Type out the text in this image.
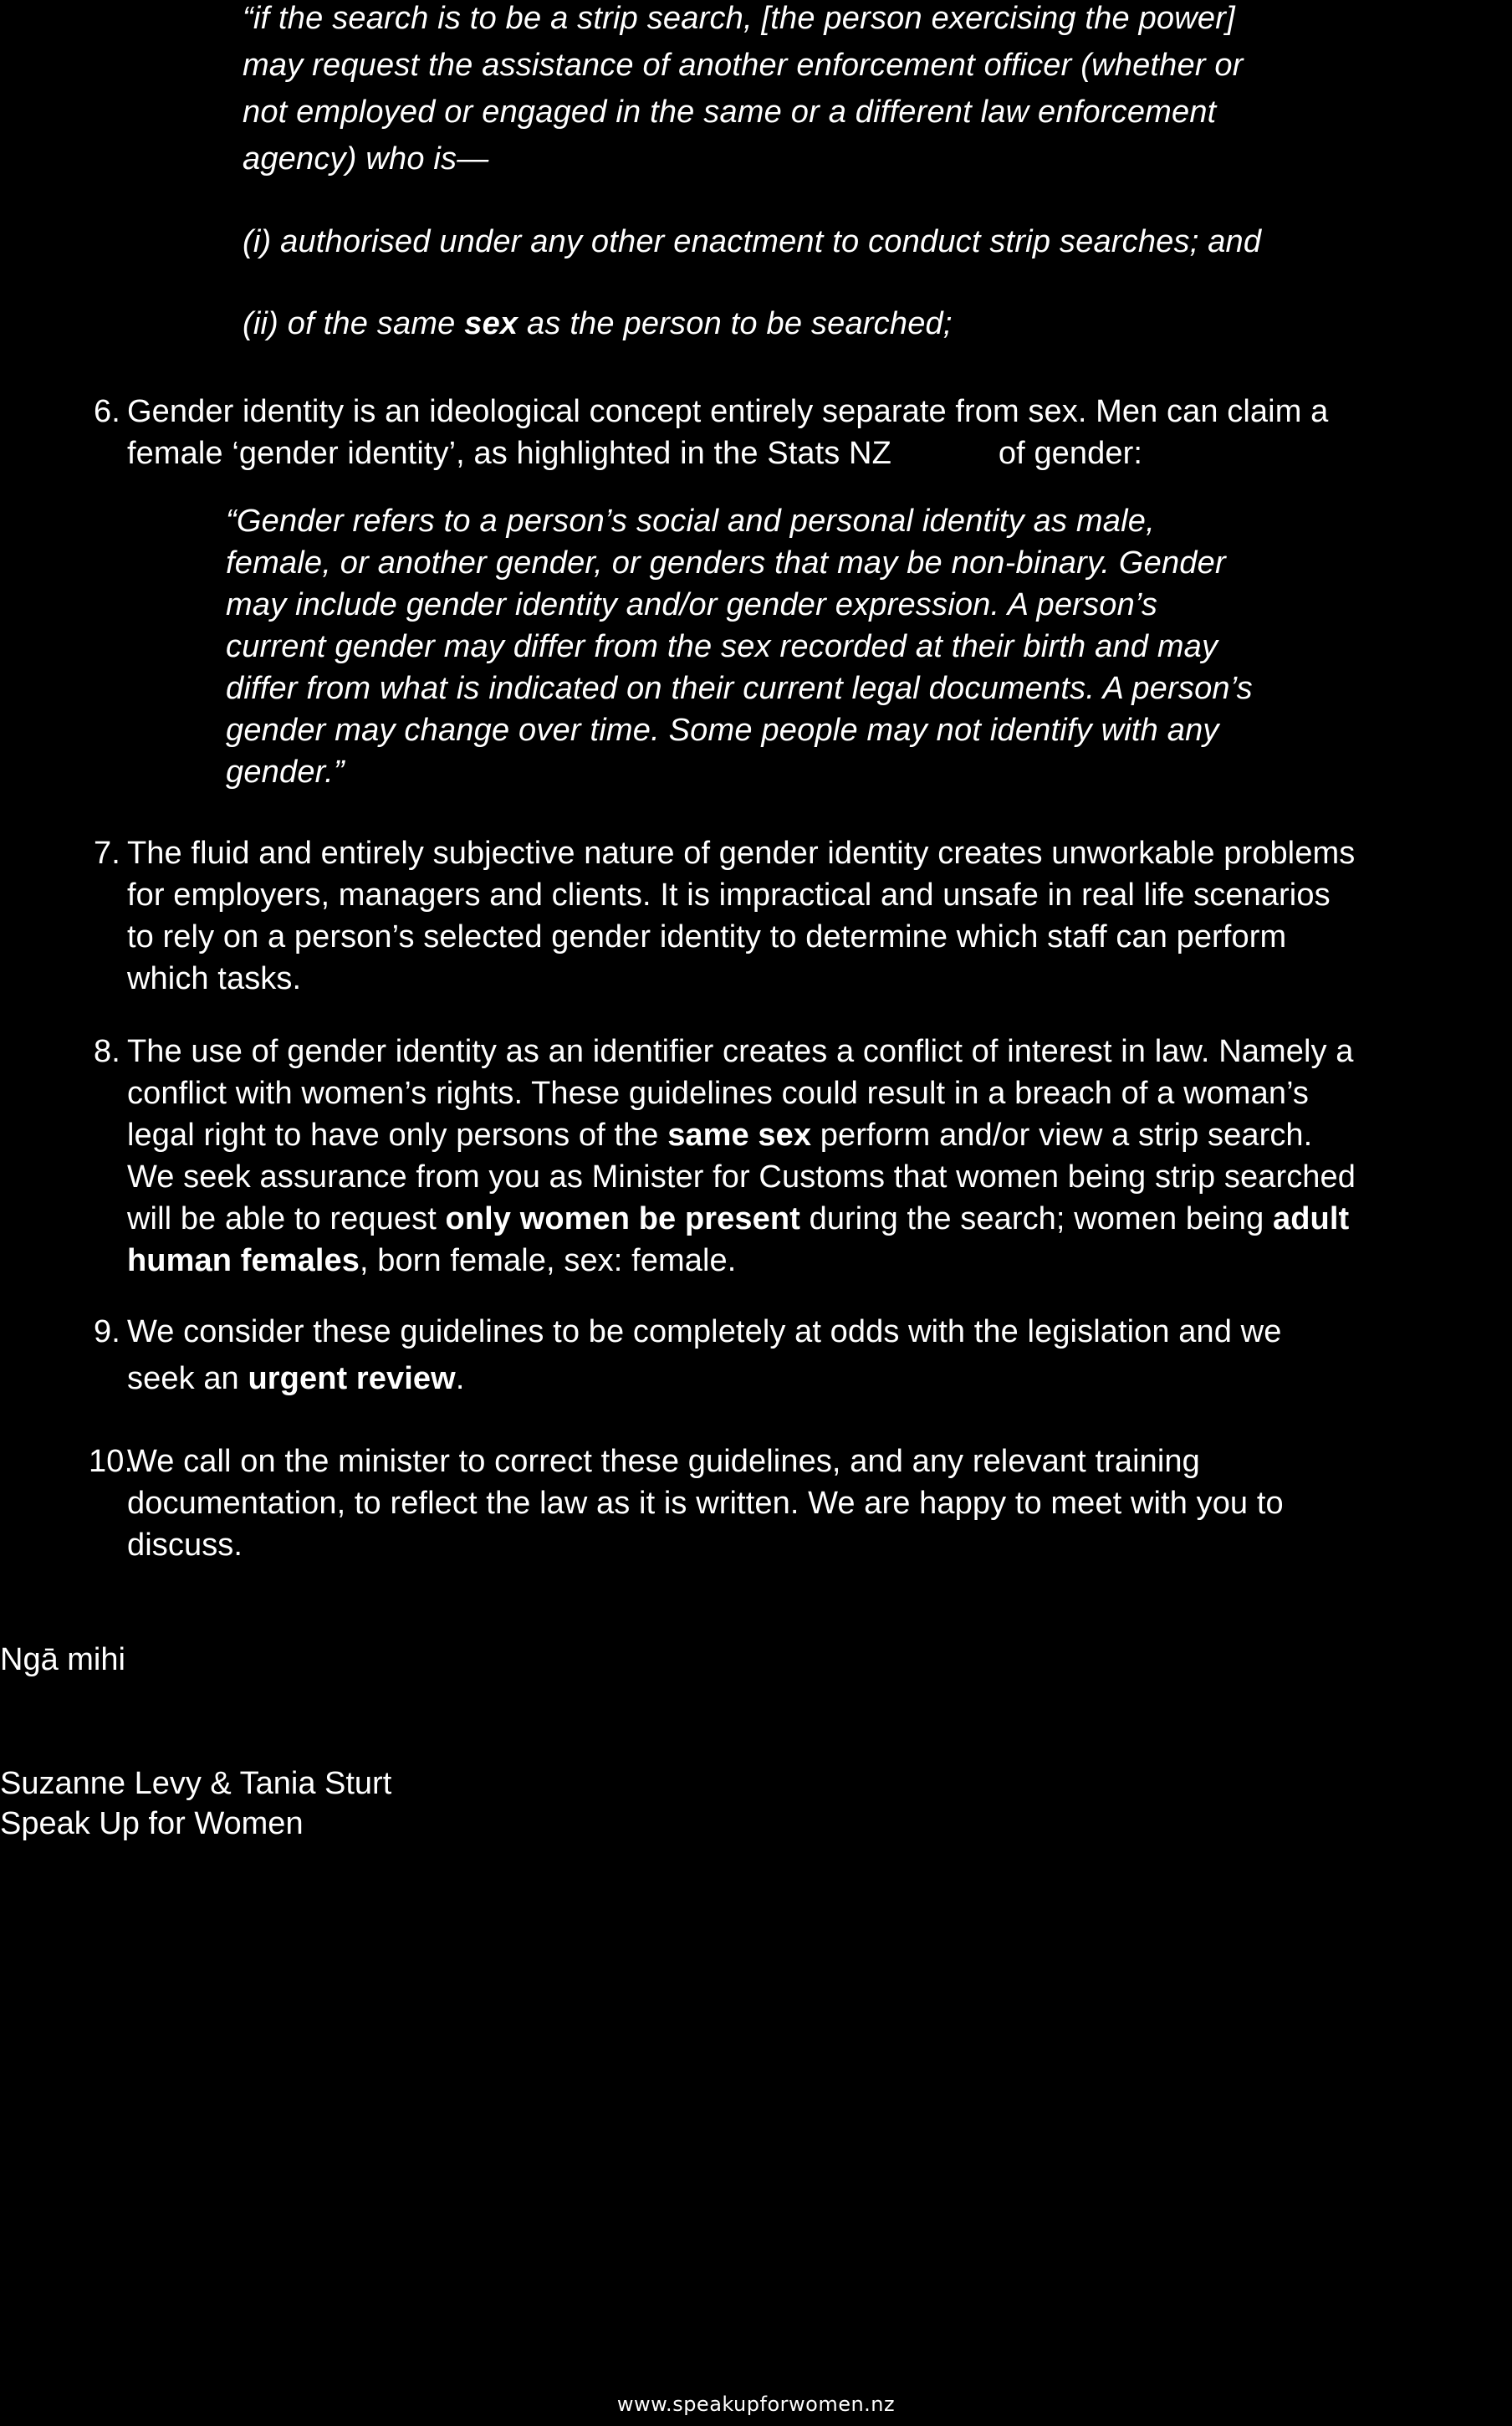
“if the search is to be a strip search, [the person exercising the power]
may request the assistance of another enforcement officer (whether or
not employed or engaged in the same or a different law enforcement
agency) who is—
(i) authorised under any other enactment to conduct strip searches; and
(ii) of the same sex as the person to be searched;
6. Gender identity is an ideological concept entirely separate from sex. Men can claim a
female ‘gender identity’, as highlighted in the Stats NZ	of gender:
“Gender refers to a person’s social and personal identity as male,
female, or another gender, or genders that may be non-binary. Gender
may include gender identity and/or gender expression. A person’s
current gender may differ from the sex recorded at their birth and may
differ from what is indicated on their current legal documents. A person’s
gender may change over time. Some people may not identify with any
gender.”
7. The fluid and entirely subjective nature of gender identity creates unworkable problems
for employers, managers and clients. It is impractical and unsafe in real life scenarios
to rely on a person’s selected gender identity to determine which staff can perform
which tasks.
8. The use of gender identity as an identifier creates a conflict of interest in law. Namely a
conflict with women’s rights. These guidelines could result in a breach of a woman’s
legal right to have only persons of the same sex perform and/or view a strip search.
We seek assurance from you as Minister for Customs that women being strip searched
will be able to request only women be present during the search; women being adult
human females, born female, sex: female.
9. We consider these guidelines to be completely at odds with the legislation and we
seek an urgent review.
10.
We call on the minister to correct these guidelines, and any relevant training
documentation, to reflect the law as it is written. We are happy to meet with you to
discuss.
Ngā mihi
Suzanne Levy & Tania Sturt
Speak Up for Women
www.speakupforwomen.nz
